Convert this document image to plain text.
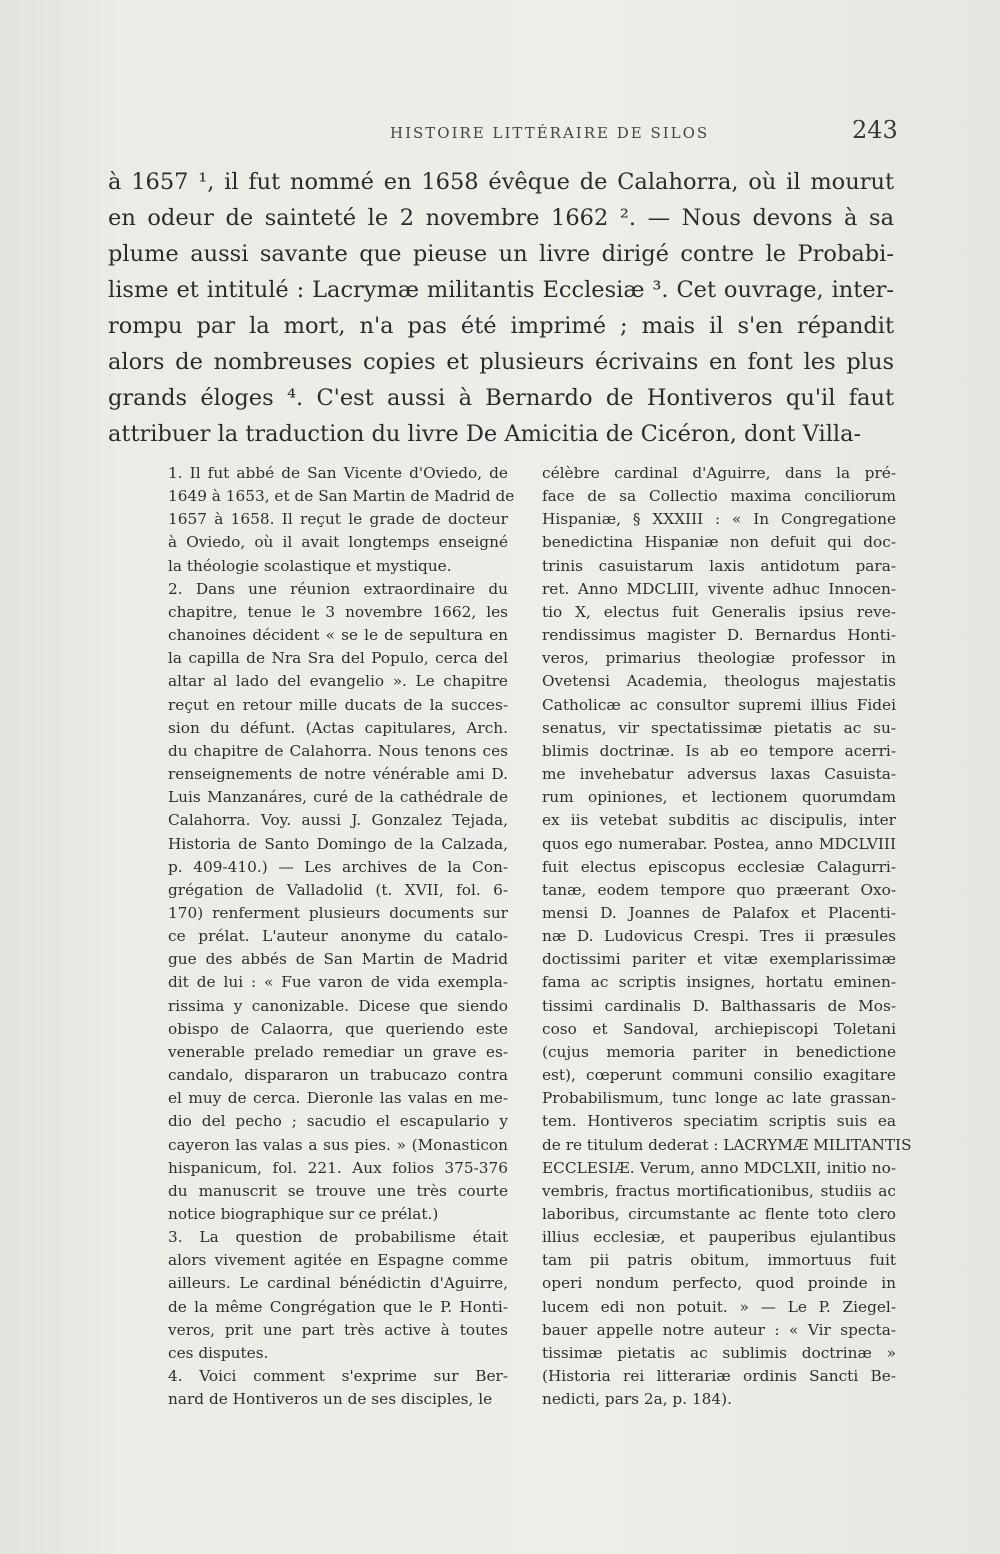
HISTOIRE LITTÉRAIRE DE SILOS	243
à 1657 ¹, il fut nommé en 1658 évêque de Calahorra, où il mourut
en odeur de sainteté le 2 novembre 1662 ². — Nous devons à sa
plume aussi savante que pieuse un livre dirigé contre le Probabi-
lisme et intitulé : Lacrymæ militantis Ecclesiæ ³. Cet ouvrage, inter-
rompu par la mort, n'a pas été imprimé ; mais il s'en répandit
alors de nombreuses copies et plusieurs écrivains en font les plus
grands éloges ⁴. C'est aussi à Bernardo de Hontiveros qu'il faut
attribuer la traduction du livre De Amicitia de Cicéron, dont Villa-
1. Il fut abbé de San Vicente d'Oviedo, de
1649 à 1653, et de San Martin de Madrid de
1657 à 1658. Il reçut le grade de docteur
à Oviedo, où il avait longtemps enseigné
la théologie scolastique et mystique.
2. Dans une réunion extraordinaire du
chapitre, tenue le 3 novembre 1662, les
chanoines décident « se le de sepultura en
la capilla de Nra Sra del Populo, cerca del
altar al lado del evangelio ». Le chapitre
reçut en retour mille ducats de la succes-
sion du défunt. (Actas capitulares, Arch.
du chapitre de Calahorra. Nous tenons ces
renseignements de notre vénérable ami D.
Luis Manzanáres, curé de la cathédrale de
Calahorra. Voy. aussi J. Gonzalez Tejada,
Historia de Santo Domingo de la Calzada,
p. 409-410.) — Les archives de la Con-
grégation de Valladolid (t. XVII, fol. 6-
170) renferment plusieurs documents sur
ce prélat. L'auteur anonyme du catalo-
gue des abbés de San Martin de Madrid
dit de lui : « Fue varon de vida exempla-
rissima y canonizable. Dicese que siendo
obispo de Calaorra, que queriendo este
venerable prelado remediar un grave es-
candalo, dispararon un trabucazo contra
el muy de cerca. Dieronle las valas en me-
dio del pecho ; sacudio el escapulario y
cayeron las valas a sus pies. » (Monasticon
hispanicum, fol. 221. Aux folios 375-376
du manuscrit se trouve une très courte
notice biographique sur ce prélat.)
3. La question de probabilisme était
alors vivement agitée en Espagne comme
ailleurs. Le cardinal bénédictin d'Aguirre,
de la même Congrégation que le P. Honti-
veros, prit une part très active à toutes
ces disputes.
4. Voici comment s'exprime sur Ber-
nard de Hontiveros un de ses disciples, le
célèbre cardinal d'Aguirre, dans la pré-
face de sa Collectio maxima conciliorum
Hispaniæ, § XXXIII : « In Congregatione
benedictina Hispaniæ non defuit qui doc-
trinis casuistarum laxis antidotum para-
ret. Anno MDCLIII, vivente adhuc Innocen-
tio X, electus fuit Generalis ipsius reve-
rendissimus magister D. Bernardus Honti-
veros, primarius theologiæ professor in
Ovetensi Academia, theologus majestatis
Catholicæ ac consultor supremi illius Fidei
senatus, vir spectatissimæ pietatis ac su-
blimis doctrinæ. Is ab eo tempore acerri-
me invehebatur adversus laxas Casuista-
rum opiniones, et lectionem quorumdam
ex iis vetebat subditis ac discipulis, inter
quos ego numerabar. Postea, anno MDCLVIII
fuit electus episcopus ecclesiæ Calagurri-
tanæ, eodem tempore quo præerant Oxo-
mensi D. Joannes de Palafox et Placenti-
næ D. Ludovicus Crespi. Tres ii præsules
doctissimi pariter et vitæ exemplarissimæ
fama ac scriptis insignes, hortatu eminen-
tissimi cardinalis D. Balthassaris de Mos-
coso et Sandoval, archiepiscopi Toletani
(cujus memoria pariter in benedictione
est), cœperunt communi consilio exagitare
Probabilismum, tunc longe ac late grassan-
tem. Hontiveros speciatim scriptis suis ea
de re titulum dederat : LACRYMÆ MILITANTIS
ECCLESIÆ. Verum, anno MDCLXII, initio no-
vembris, fractus mortificationibus, studiis ac
laboribus, circumstante ac flente toto clero
illius ecclesiæ, et pauperibus ejulantibus
tam pii patris obitum, immortuus fuit
operi nondum perfecto, quod proinde in
lucem edi non potuit. » — Le P. Ziegel-
bauer appelle notre auteur : « Vir specta-
tissimæ pietatis ac sublimis doctrinæ »
(Historia rei litterariæ ordinis Sancti Be-
nedicti, pars 2a, p. 184).
